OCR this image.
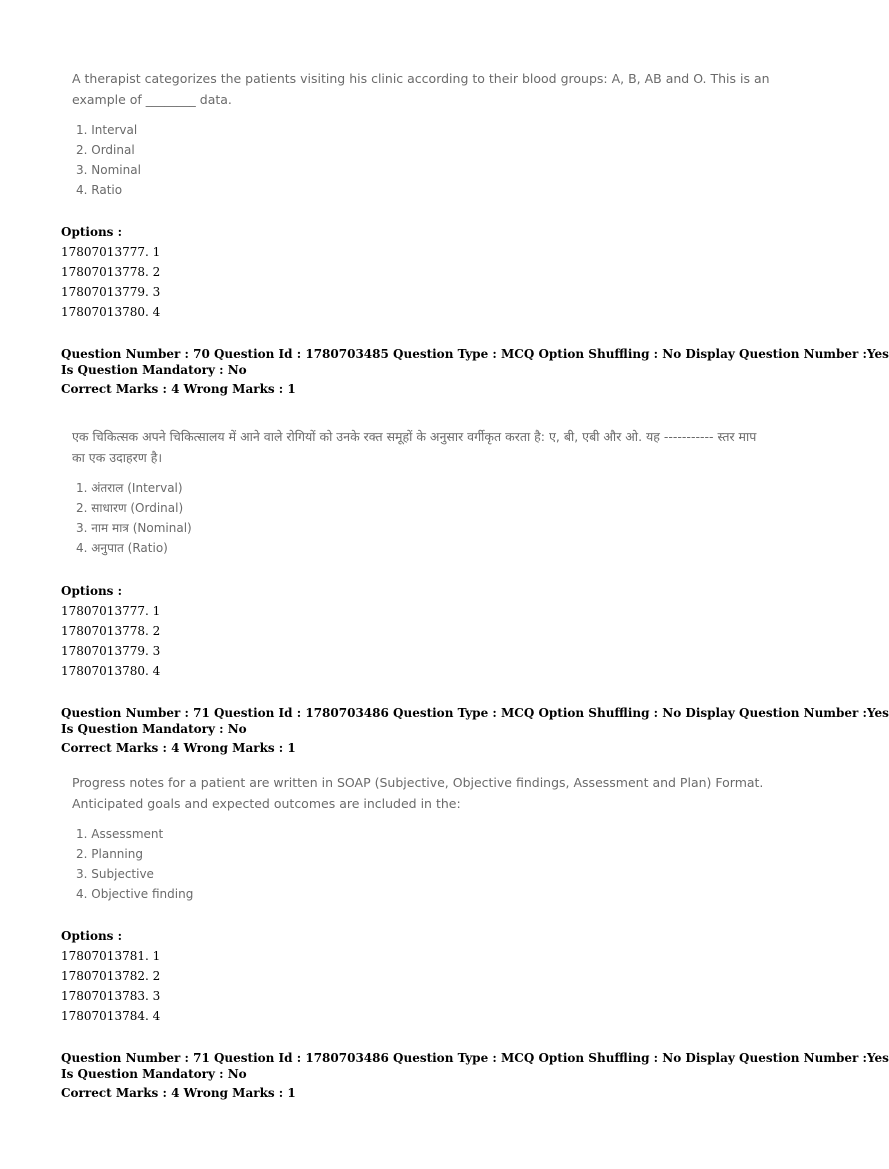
A therapist categorizes the patients visiting his clinic according to their blood groups: A, B, AB and O. This is an example of ________ data.

1. Interval
2. Ordinal
3. Nominal
4. Ratio
Options :
17807013777. 1
17807013778. 2
17807013779. 3
17807013780. 4
Question Number : 70 Question Id : 1780703485 Question Type : MCQ Option Shuffling : No Display Question Number : Yes
Is Question Mandatory : No
Correct Marks : 4 Wrong Marks : 1

एक चिकित्सक अपने चिकित्सालय में आने वाले रोगियों को उनके रक्त समूहों के अनुसार वर्गीकृत करता है: ए, बी, एबी और ओ. यह ----------- स्तर माप का एक उदाहरण है।

1. अंतराल (Interval)
2. साधारण (Ordinal)
3. नाम मात्र (Nominal)
4. अनुपात (Ratio)
Options :
17807013777. 1
17807013778. 2
17807013779. 3
17807013780. 4
Question Number : 71 Question Id : 1780703486 Question Type : MCQ Option Shuffling : No Display Question Number : Yes
Is Question Mandatory : No
Correct Marks : 4 Wrong Marks : 1

Progress notes for a patient are written in SOAP (Subjective, Objective findings, Assessment and Plan) Format. Anticipated goals and expected outcomes are included in the:

1. Assessment
2. Planning
3. Subjective
4. Objective finding
Options :
17807013781. 1
17807013782. 2
17807013783. 3
17807013784. 4
Question Number : 71 Question Id : 1780703486 Question Type : MCQ Option Shuffling : No Display Question Number : Yes
Is Question Mandatory : No
Correct Marks : 4 Wrong Marks : 1
